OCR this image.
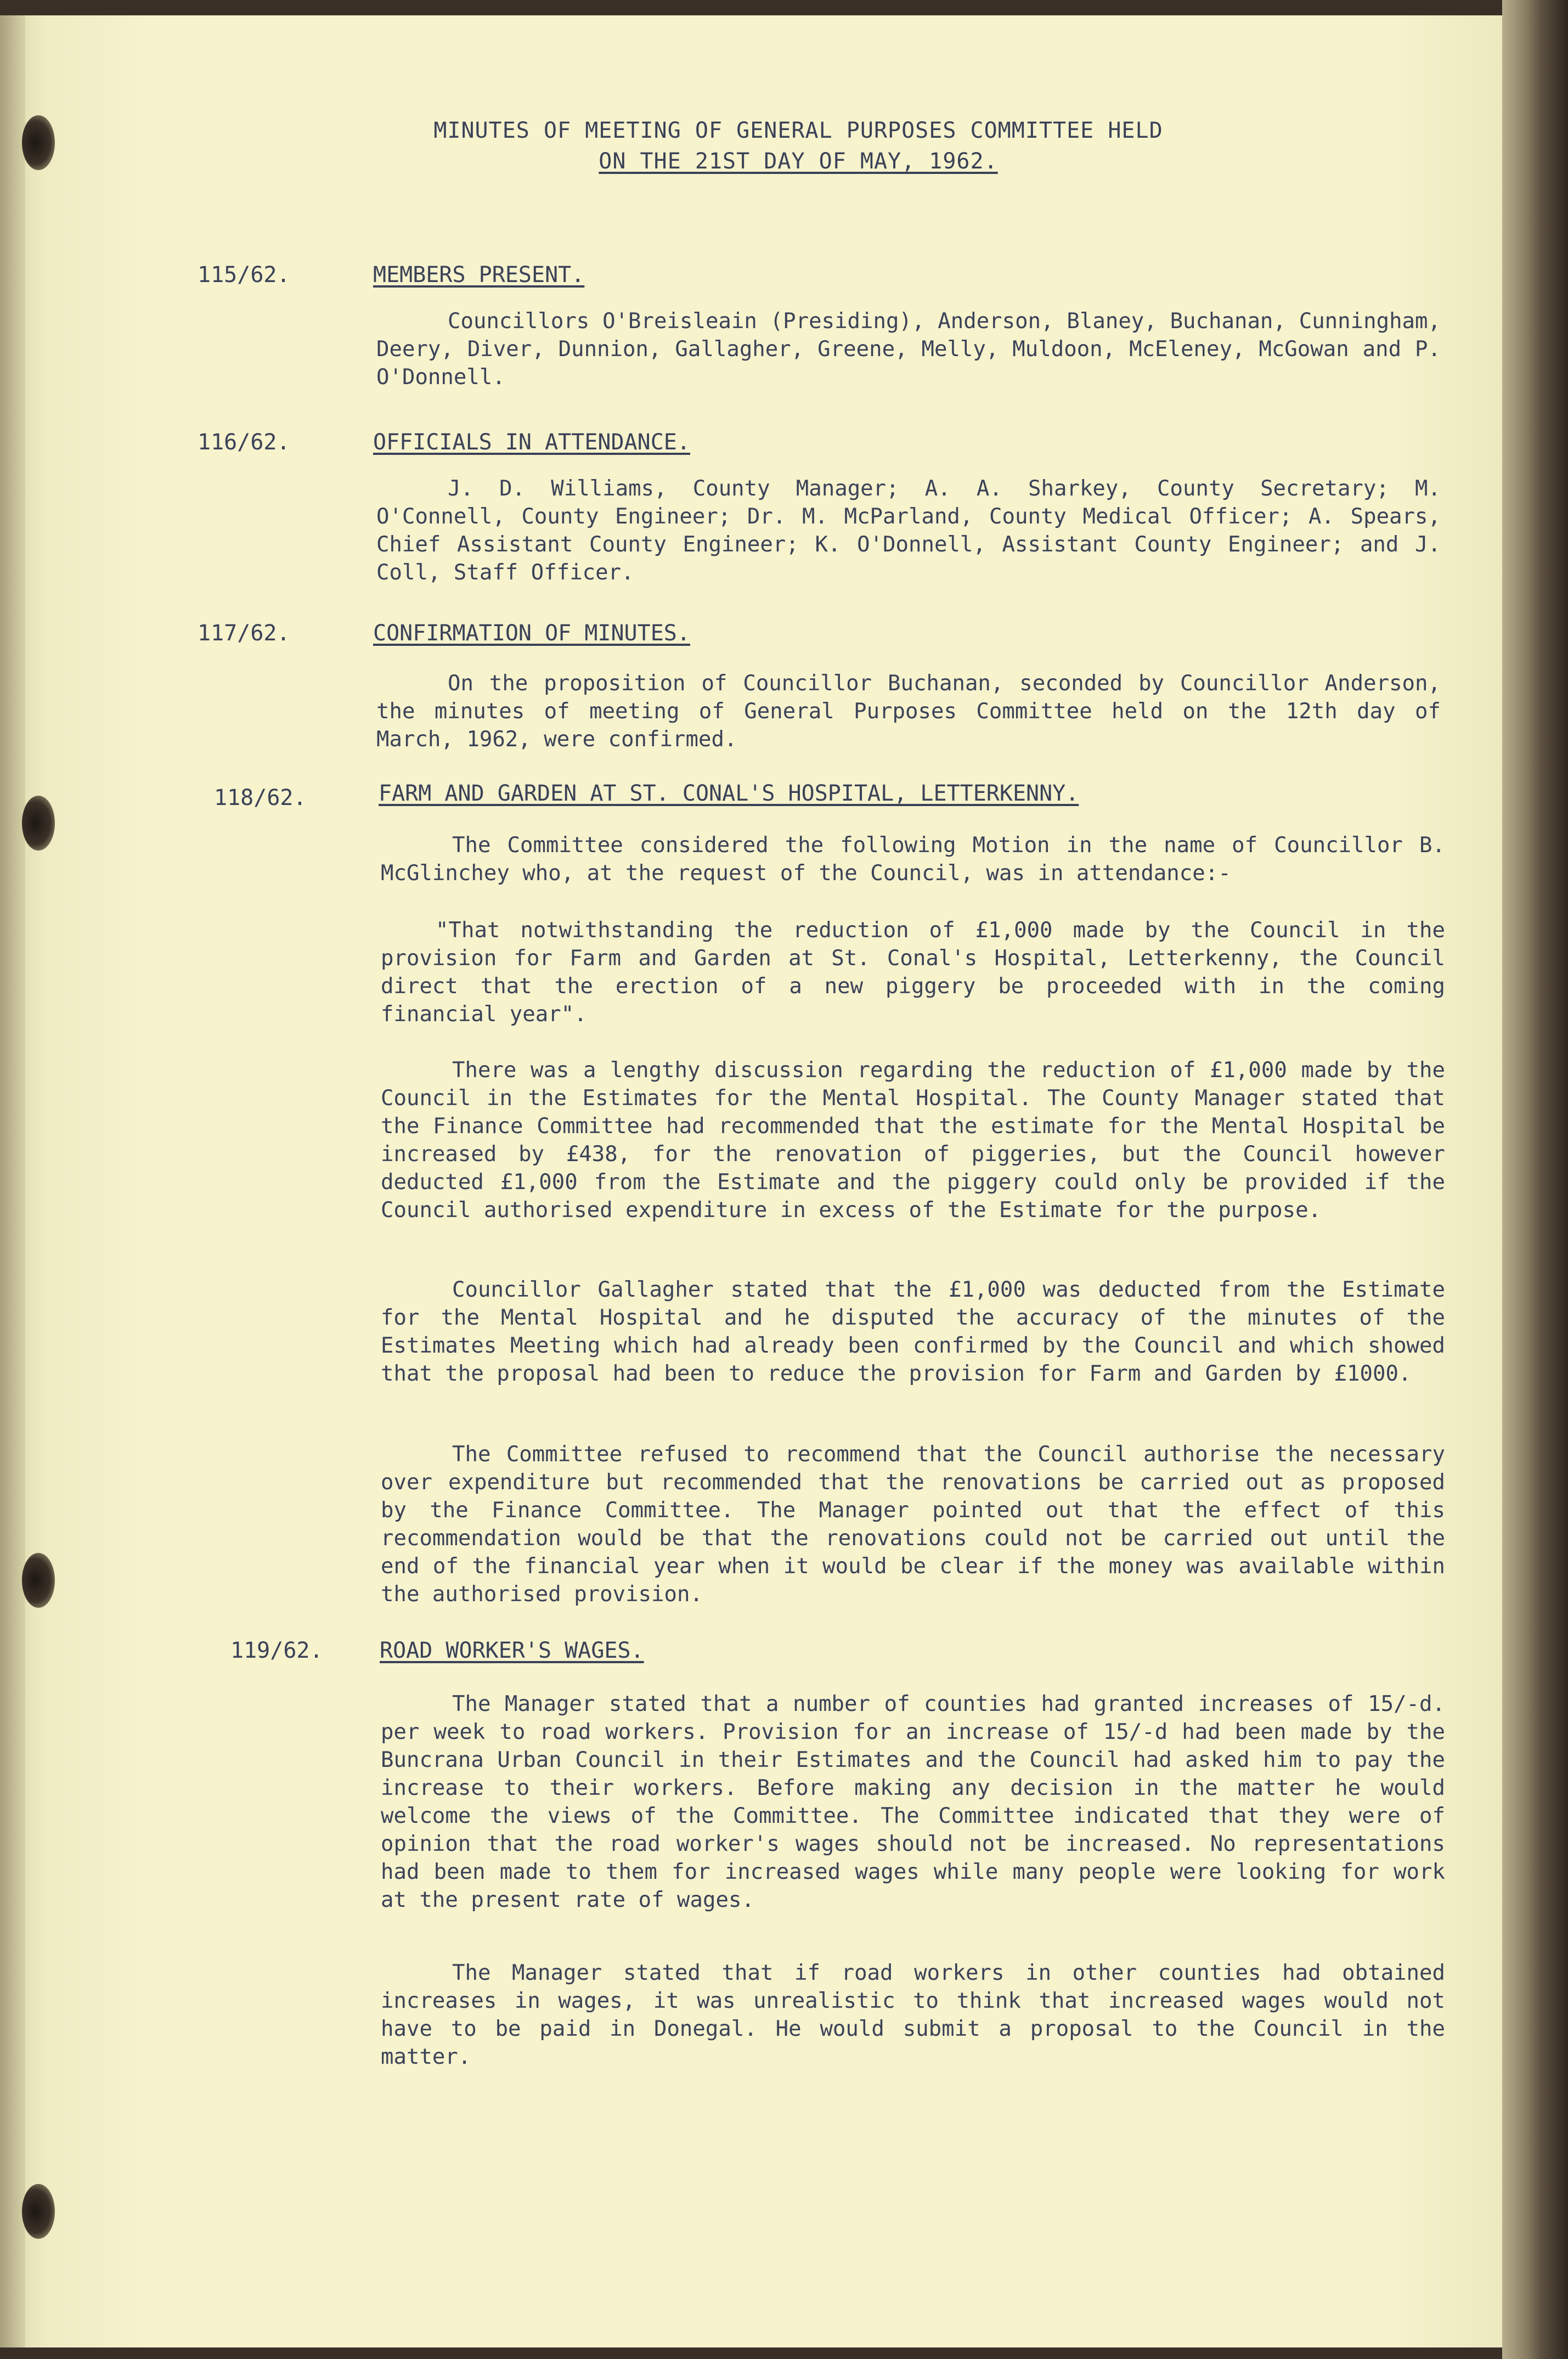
MINUTES OF MEETING OF GENERAL PURPOSES COMMITTEE HELD
ON THE 21ST DAY OF MAY, 1962.
115/62.	MEMBERS PRESENT.
Councillors O'Breisleain (Presiding), Anderson, Blaney, Buchanan, Cunningham, Deery, Diver, Dunnion, Gallagher, Greene, Melly, Muldoon, McEleney, McGowan and P. O'Donnell.
116/62.	OFFICIALS IN ATTENDANCE.
J. D. Williams, County Manager; A. A. Sharkey, County Secretary; M. O'Connell, County Engineer; Dr. M. McParland, County Medical Officer; A. Spears, Chief Assistant County Engineer; K. O'Donnell, Assistant County Engineer; and J. Coll, Staff Officer.
117/62.	CONFIRMATION OF MINUTES.
On the proposition of Councillor Buchanan, seconded by Councillor Anderson, the minutes of meeting of General Purposes Committee held on the 12th day of March, 1962, were confirmed.
118/62.	FARM AND GARDEN AT ST. CONAL'S HOSPITAL, LETTERKENNY.
The Committee considered the following Motion in the name of Councillor B. McGlinchey who, at the request of the Council, was in attendance:-
"That notwithstanding the reduction of £1,000 made by the Council in the provision for Farm and Garden at St. Conal's Hospital, Letterkenny, the Council direct that the erection of a new piggery be proceeded with in the coming financial year".
There was a lengthy discussion regarding the reduction of £1,000 made by the Council in the Estimates for the Mental Hospital. The County Manager stated that the Finance Committee had recommended that the estimate for the Mental Hospital be increased by £438, for the renovation of piggeries, but the Council however deducted £1,000 from the Estimate and the piggery could only be provided if the Council authorised expenditure in excess of the Estimate for the purpose.
Councillor Gallagher stated that the £1,000 was deducted from the Estimate for the Mental Hospital and he disputed the accuracy of the minutes of the Estimates Meeting which had already been confirmed by the Council and which showed that the proposal had been to reduce the provision for Farm and Garden by £1000.
The Committee refused to recommend that the Council authorise the necessary over expenditure but recommended that the renovations be carried out as proposed by the Finance Committee. The Manager pointed out that the effect of this recommendation would be that the renovations could not be carried out until the end of the financial year when it would be clear if the money was available within the authorised provision.
119/62.	ROAD WORKER'S WAGES.
The Manager stated that a number of counties had granted increases of 15/-d. per week to road workers. Provision for an increase of 15/-d had been made by the Buncrana Urban Council in their Estimates and the Council had asked him to pay the increase to their workers. Before making any decision in the matter he would welcome the views of the Committee. The Committee indicated that they were of opinion that the road worker's wages should not be increased. No representations had been made to them for increased wages while many people were looking for work at the present rate of wages.
The Manager stated that if road workers in other counties had obtained increases in wages, it was unrealistic to think that increased wages would not have to be paid in Donegal. He would submit a proposal to the Council in the matter.
